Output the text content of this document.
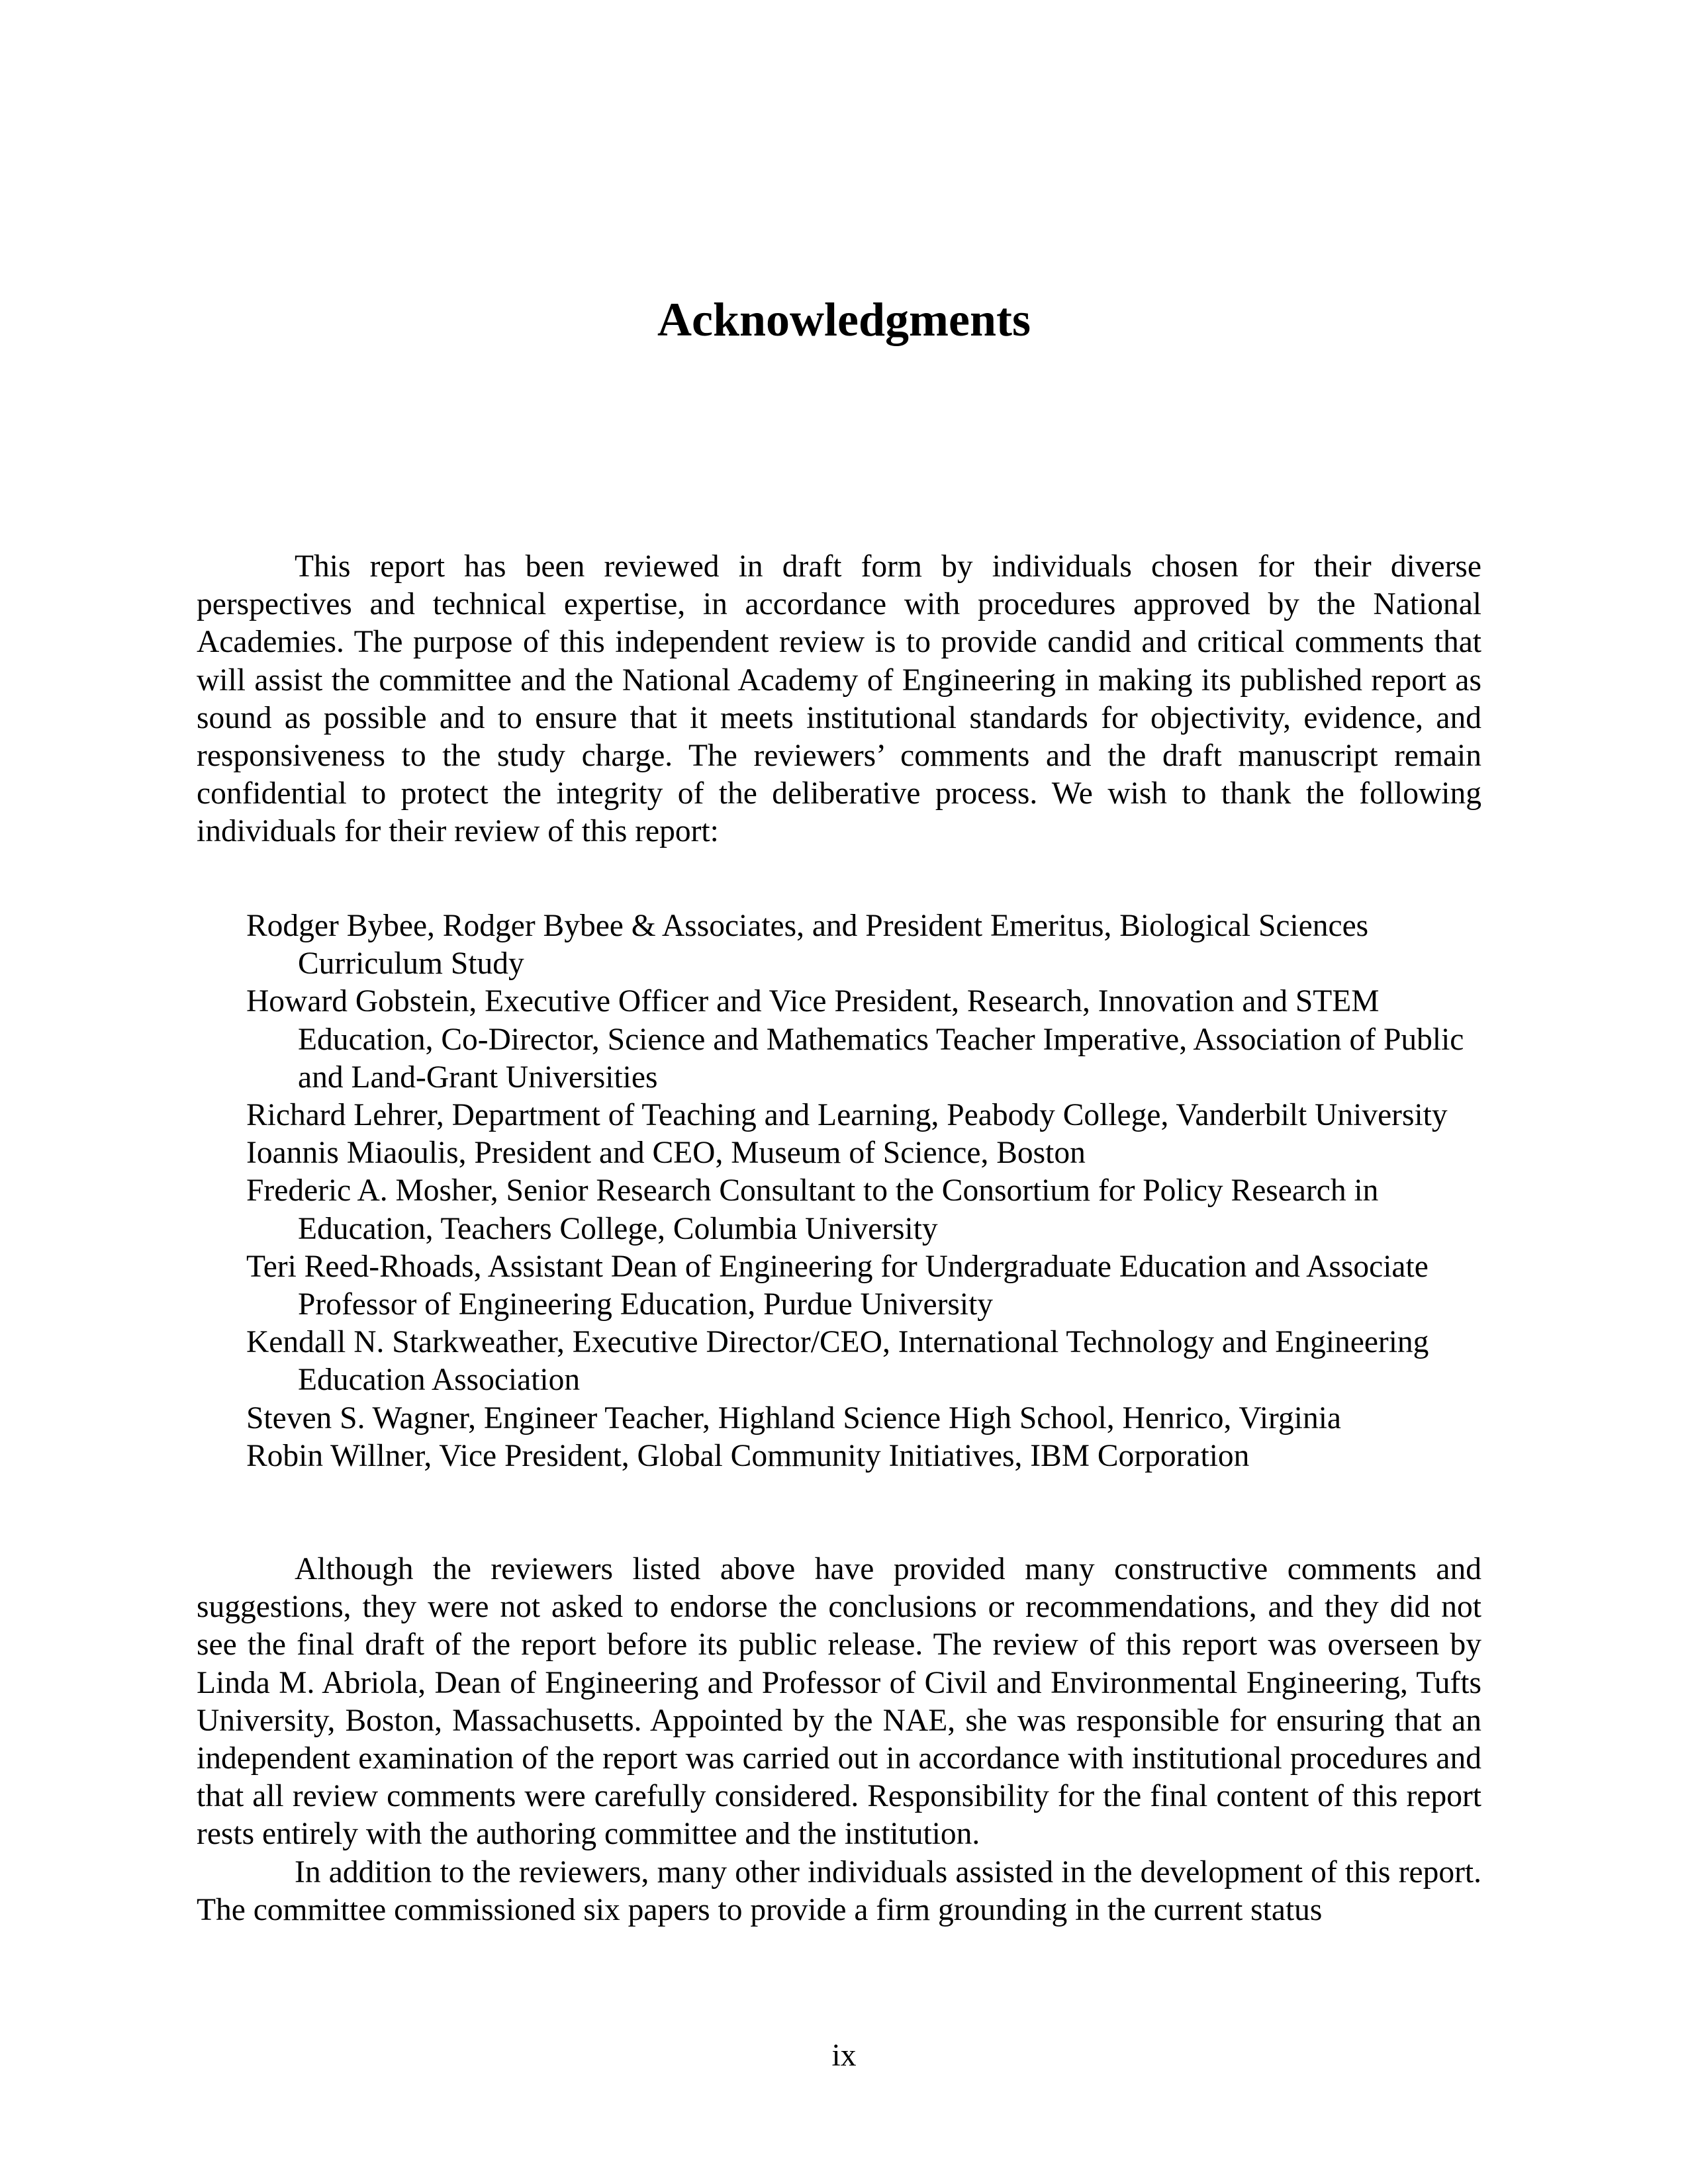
Acknowledgments

This report has been reviewed in draft form by individuals chosen for their diverse perspectives and technical expertise, in accordance with procedures approved by the National Academies. The purpose of this independent review is to provide candid and critical comments that will assist the committee and the National Academy of Engineering in making its published report as sound as possible and to ensure that it meets institutional standards for objectivity, evidence, and responsiveness to the study charge. The reviewers’ comments and the draft manuscript remain confidential to protect the integrity of the deliberative process. We wish to thank the following individuals for their review of this report:

Rodger Bybee, Rodger Bybee & Associates, and President Emeritus, Biological Sciences Curriculum Study
Howard Gobstein, Executive Officer and Vice President, Research, Innovation and STEM Education, Co-Director, Science and Mathematics Teacher Imperative, Association of Public and Land-Grant Universities
Richard Lehrer, Department of Teaching and Learning, Peabody College, Vanderbilt University
Ioannis Miaoulis, President and CEO, Museum of Science, Boston
Frederic A. Mosher, Senior Research Consultant to the Consortium for Policy Research in Education, Teachers College, Columbia University
Teri Reed-Rhoads, Assistant Dean of Engineering for Undergraduate Education and Associate Professor of Engineering Education, Purdue University
Kendall N. Starkweather, Executive Director/CEO, International Technology and Engineering Education Association
Steven S. Wagner, Engineer Teacher, Highland Science High School, Henrico, Virginia
Robin Willner, Vice President, Global Community Initiatives, IBM Corporation

Although the reviewers listed above have provided many constructive comments and suggestions, they were not asked to endorse the conclusions or recommendations, and they did not see the final draft of the report before its public release. The review of this report was overseen by Linda M. Abriola, Dean of Engineering and Professor of Civil and Environmental Engineering, Tufts University, Boston, Massachusetts. Appointed by the NAE, she was responsible for ensuring that an independent examination of the report was carried out in accordance with institutional procedures and that all review comments were carefully considered. Responsibility for the final content of this report rests entirely with the authoring committee and the institution.

In addition to the reviewers, many other individuals assisted in the development of this report. The committee commissioned six papers to provide a firm grounding in the current status

ix
